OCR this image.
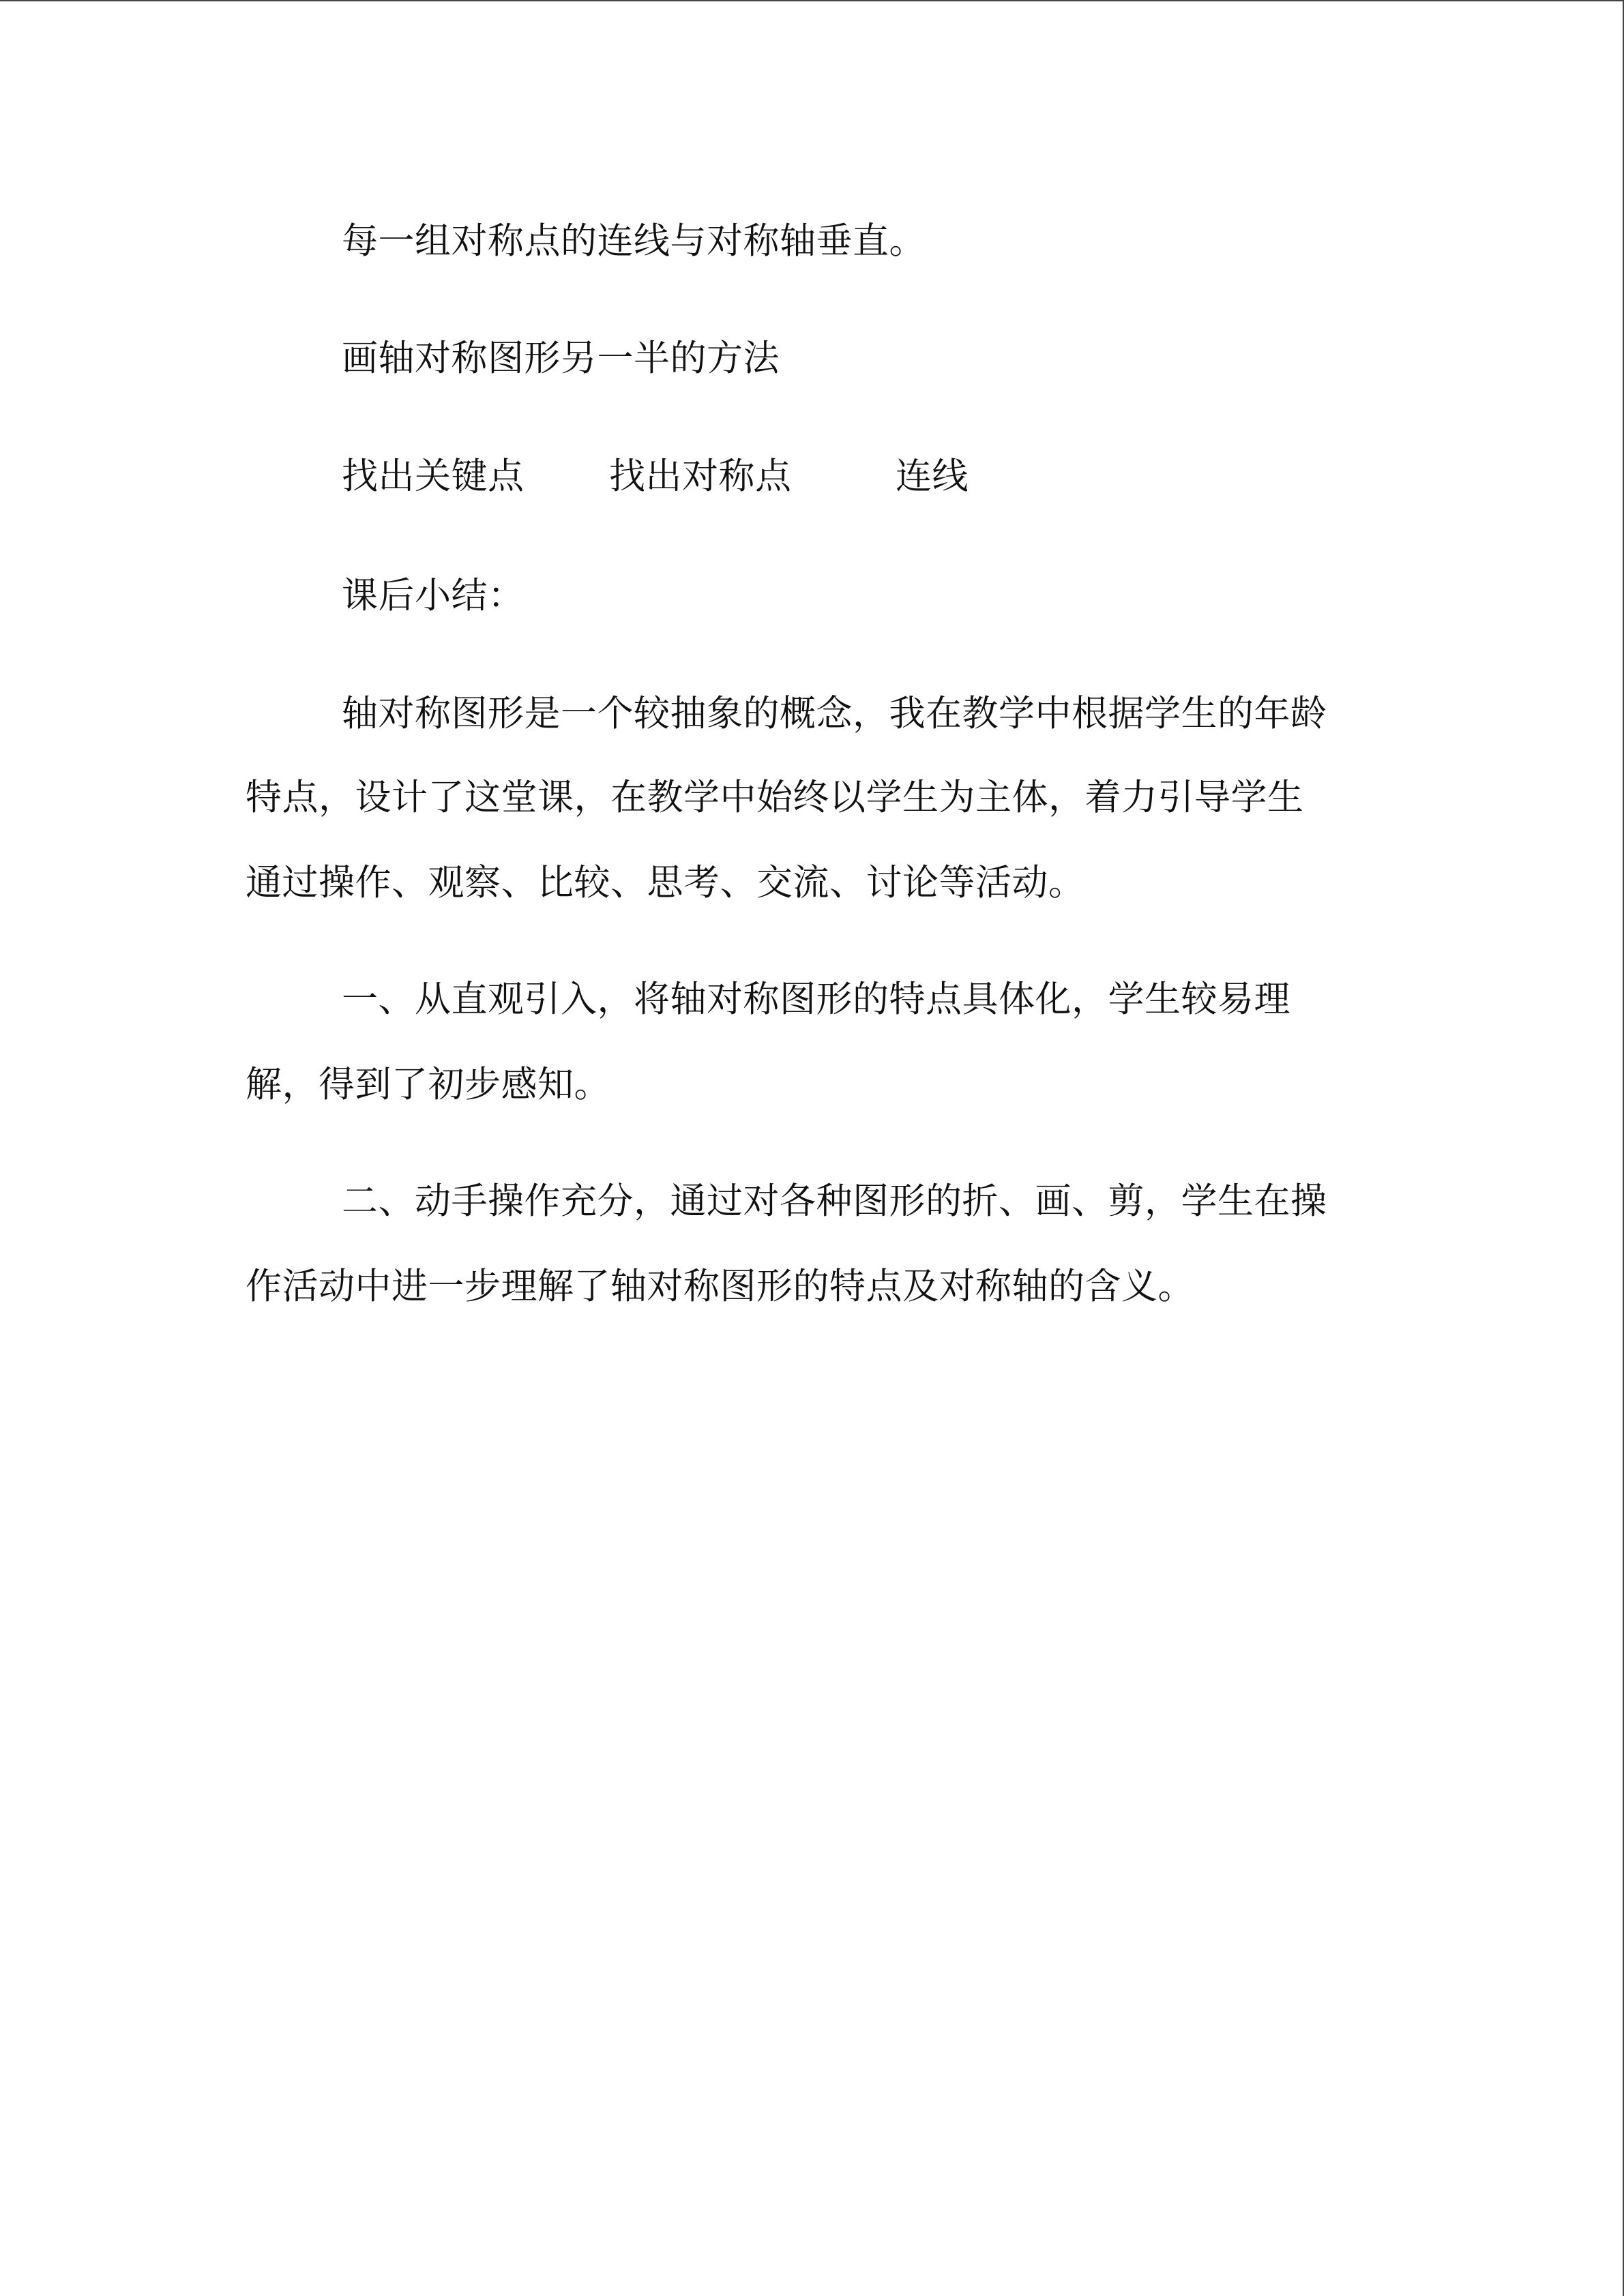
每一组对称点的连线与对称轴垂直。
画轴对称图形另一半的方法
找出关键点 找出对称点	连线
课后小结：
轴对称图形是一个较抽象的概念，我在教学中根据学生的年龄
特点，设计了这堂课，在教学中始终以学生为主体，着力引导学生
通过操作、观察、比较、思考、交流、讨论等活动。
一、从直观引入，将轴对称图形的特点具体化，学生较易理
解，得到了初步感知。
二、动手操作充分，通过对各种图形的折、画、剪，学生在操
作活动中进一步理解了轴对称图形的特点及对称轴的含义。
